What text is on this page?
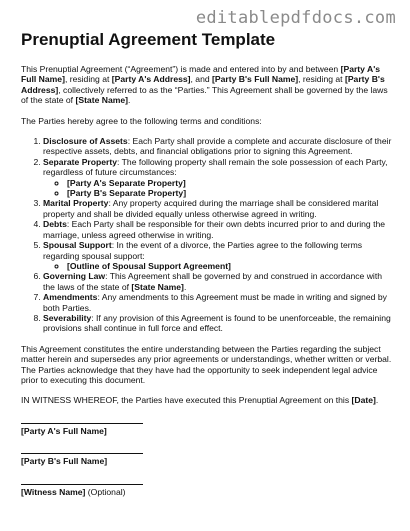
editablepdfdocs.com
Prenuptial Agreement Template

This Prenuptial Agreement (“Agreement”) is made and entered into by and between [Party A's Full Name], residing at [Party A's Address], and [Party B's Full Name], residing at [Party B's Address], collectively referred to as the “Parties.” This Agreement shall be governed by the laws of the state of [State Name].

The Parties hereby agree to the following terms and conditions:

1. Disclosure of Assets: Each Party shall provide a complete and accurate disclosure of their respective assets, debts, and financial obligations prior to signing this Agreement.
2. Separate Property: The following property shall remain the sole possession of each Party, regardless of future circumstances:
◦ [Party A's Separate Property]
◦ [Party B's Separate Property]
3. Marital Property: Any property acquired during the marriage shall be considered marital property and shall be divided equally unless otherwise agreed in writing.
4. Debts: Each Party shall be responsible for their own debts incurred prior to and during the marriage, unless agreed otherwise in writing.
5. Spousal Support: In the event of a divorce, the Parties agree to the following terms regarding spousal support:
◦ [Outline of Spousal Support Agreement]
6. Governing Law: This Agreement shall be governed by and construed in accordance with the laws of the state of [State Name].
7. Amendments: Any amendments to this Agreement must be made in writing and signed by both Parties.
8. Severability: If any provision of this Agreement is found to be unenforceable, the remaining provisions shall continue in full force and effect.

This Agreement constitutes the entire understanding between the Parties regarding the subject matter herein and supersedes any prior agreements or understandings, whether written or verbal. The Parties acknowledge that they have had the opportunity to seek independent legal advice prior to executing this document.

IN WITNESS WHEREOF, the Parties have executed this Prenuptial Agreement on this [Date].

[Party A's Full Name]
[Party B's Full Name]
[Witness Name] (Optional)
